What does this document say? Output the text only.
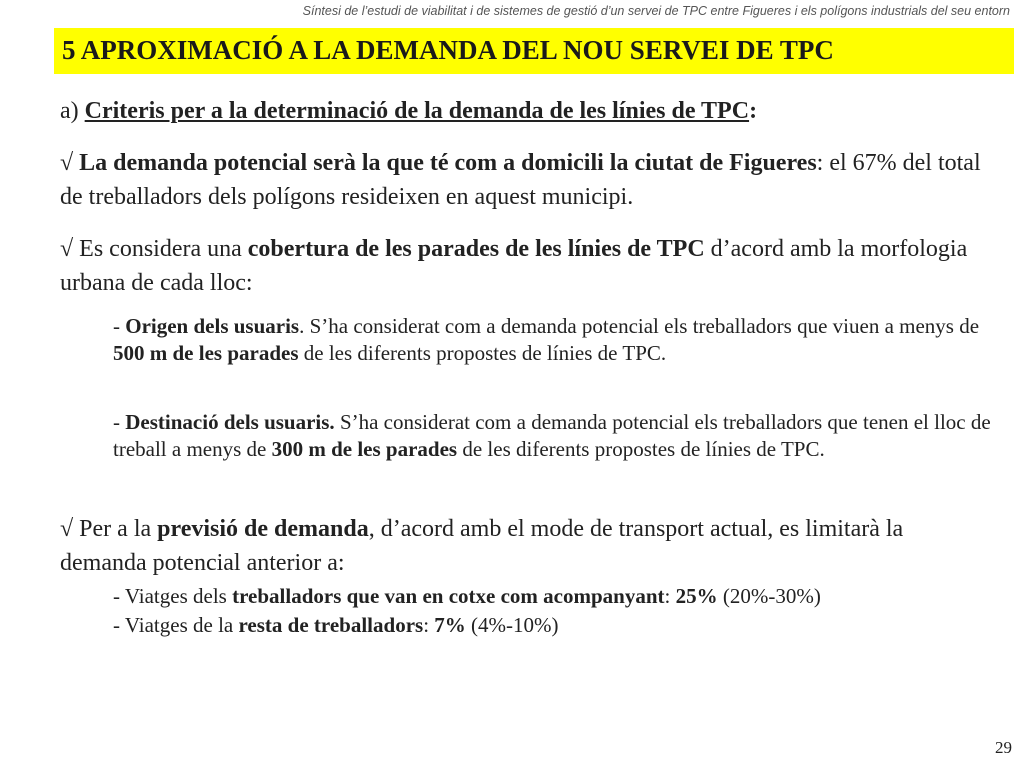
Síntesi de l’estudi de viabilitat i de sistemes de gestió d’un servei de TPC entre Figueres i els polígons industrials del seu entorn
5 APROXIMACIÓ A LA DEMANDA DEL NOU SERVEI DE TPC

a) Criteris per a la determinació de la demanda de les línies de TPC:

√ La demanda potencial serà la que té com a domicili la ciutat de Figueres: el 67% del total de treballadors dels polígons resideixen en aquest municipi.

√ Es considera una cobertura de les parades de les línies de TPC d’acord amb la morfologia urbana de cada lloc:

- Origen dels usuaris. S’ha considerat com a demanda potencial els treballadors que viuen a menys de 500 m de les parades de les diferents propostes de línies de TPC.

- Destinació dels usuaris. S’ha considerat com a demanda potencial els treballadors que tenen el lloc de treball a menys de 300 m de les parades de les diferents propostes de línies de TPC.

√ Per a la previsió de demanda, d’acord amb el mode de transport actual, es limitarà la demanda potencial anterior a:

- Viatges dels treballadors que van en cotxe com acompanyant: 25% (20%-30%)

- Viatges de la resta de treballadors: 7% (4%-10%)

29
